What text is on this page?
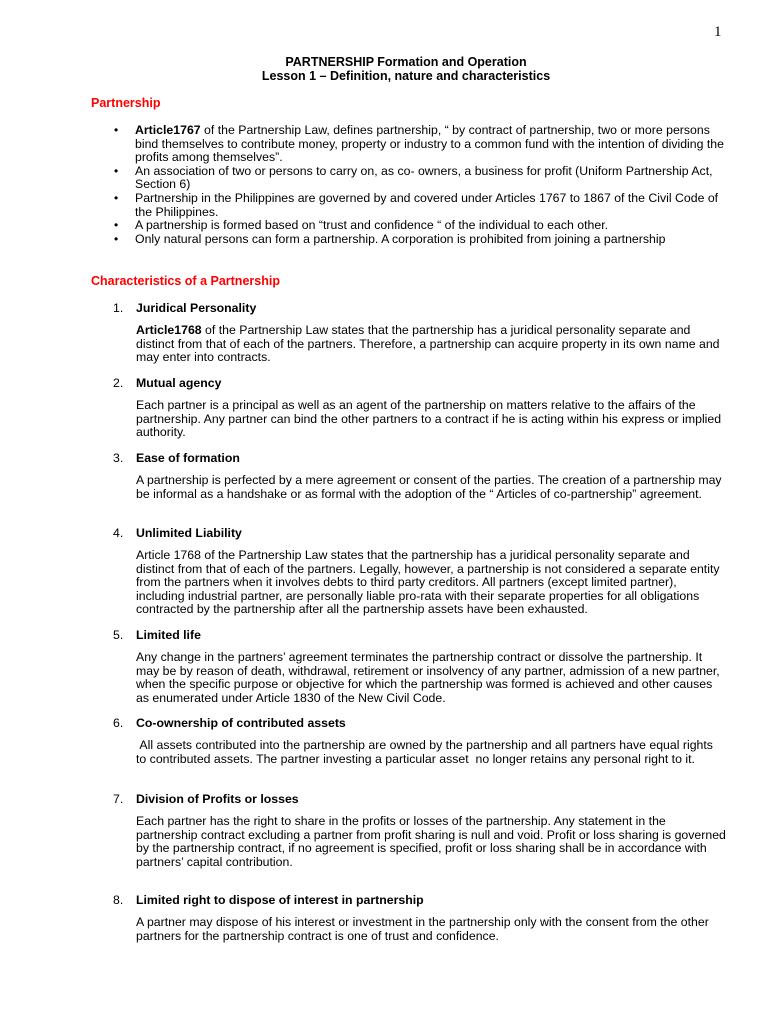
1
PARTNERSHIP Formation and Operation
Lesson 1 – Definition, nature and characteristics
Partnership
• Article1767 of the Partnership Law, defines partnership, “ by contract of partnership, two or more persons bind themselves to contribute money, property or industry to a common fund with the intention of dividing the profits among themselves”.
• An association of two or persons to carry on, as co- owners, a business for profit (Uniform Partnership Act, Section 6)
• Partnership in the Philippines are governed by and covered under Articles 1767 to 1867 of the Civil Code of the Philippines.
• A partnership is formed based on “trust and confidence “ of the individual to each other.
• Only natural persons can form a partnership. A corporation is prohibited from joining a partnership
Characteristics of a Partnership
1. Juridical Personality
Article1768 of the Partnership Law states that the partnership has a juridical personality separate and distinct from that of each of the partners. Therefore, a partnership can acquire property in its own name and may enter into contracts.
2. Mutual agency
Each partner is a principal as well as an agent of the partnership on matters relative to the affairs of the partnership. Any partner can bind the other partners to a contract if he is acting within his express or implied authority.
3. Ease of formation
A partnership is perfected by a mere agreement or consent of the parties. The creation of a partnership may be informal as a handshake or as formal with the adoption of the “ Articles of co-partnership” agreement.
4. Unlimited Liability
Article 1768 of the Partnership Law states that the partnership has a juridical personality separate and distinct from that of each of the partners. Legally, however, a partnership is not considered a separate entity from the partners when it involves debts to third party creditors. All partners (except limited partner), including industrial partner, are personally liable pro-rata with their separate properties for all obligations contracted by the partnership after all the partnership assets have been exhausted.
5. Limited life
Any change in the partners’ agreement terminates the partnership contract or dissolve the partnership. It may be by reason of death, withdrawal, retirement or insolvency of any partner, admission of a new partner, when the specific purpose or objective for which the partnership was formed is achieved and other causes as enumerated under Article 1830 of the New Civil Code.
6. Co-ownership of contributed assets
All assets contributed into the partnership are owned by the partnership and all partners have equal rights to contributed assets. The partner investing a particular asset  no longer retains any personal right to it.
7. Division of Profits or losses
Each partner has the right to share in the profits or losses of the partnership. Any statement in the partnership contract excluding a partner from profit sharing is null and void. Profit or loss sharing is governed by the partnership contract, if no agreement is specified, profit or loss sharing shall be in accordance with partners’ capital contribution.
8. Limited right to dispose of interest in partnership
A partner may dispose of his interest or investment in the partnership only with the consent from the other partners for the partnership contract is one of trust and confidence.
